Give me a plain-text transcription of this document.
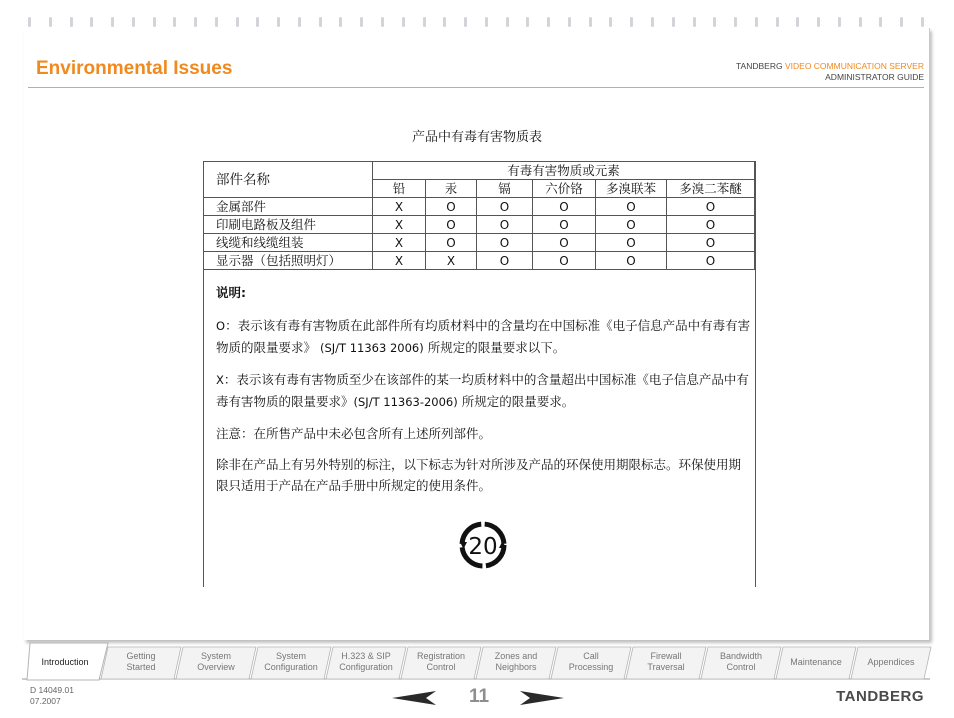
Environmental Issues	TANDBERG VIDEO COMMUNICATION SERVER
ADMINISTRATOR GUIDE
产品中有毒有害物质表
部件名称	有毒有害物质或元素					
	铅	汞	镉	六价铬	多溴联苯	多溴二苯醚
金属部件	X	O	O	O	O	O
印刷电路板及组件	X	O	O	O	O	O
线缆和线缆组装	X	O	O	O	O	O
显示器（包括照明灯）	X	X	O	O	O	O

说明:

O：表示该有毒有害物质在此部件所有均质材料中的含量均在中国标准《电子信息产品中有毒有害物质的限量要求》 (SJ/T 11363 2006) 所规定的限量要求以下。

X：表示该有毒有害物质至少在该部件的某一均质材料中的含量超出中国标准《电子信息产品中有毒有害物质的限量要求》(SJ/T 11363-2006) 所规定的限量要求。

注意：在所售产品中未必包含所有上述所列部件。

除非在产品上有另外特别的标注，以下标志为针对所涉及产品的环保使用期限标志。环保使用期限只适用于产品在产品手册中所规定的使用条件。

20
Introduction
Getting
Started
System
Overview
System
Configuration
H.323 & SIP
Configuration
Registration
Control
Zones and
Neighbors
Call
Processing
Firewall
Traversal
Bandwidth
Control
Maintenance	Appendices
D 14049.01
07.2007	11	TANDBERG
